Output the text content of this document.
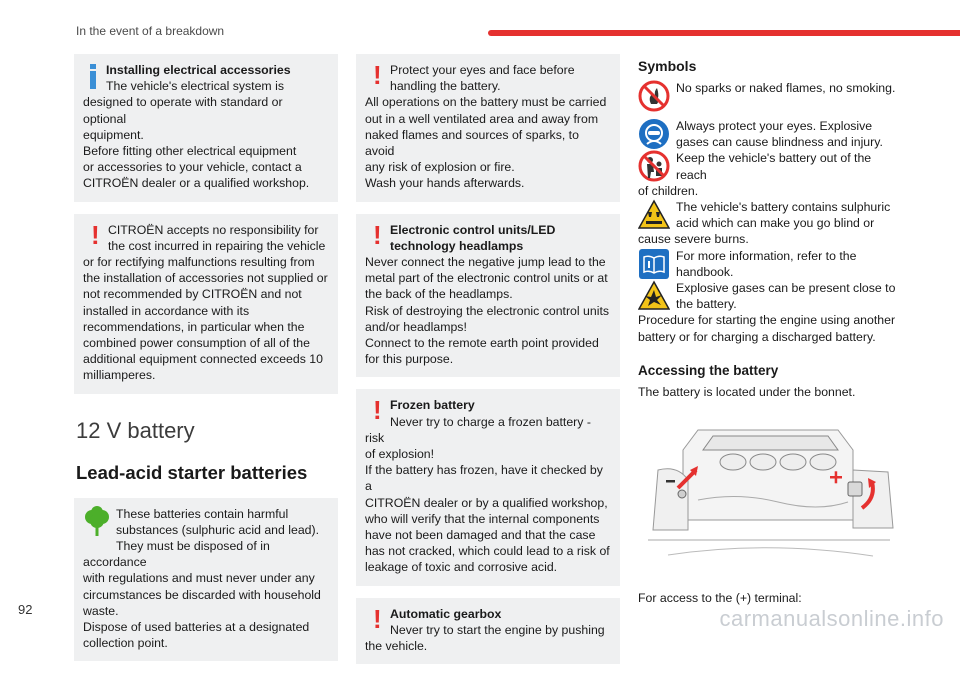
In the event of a breakdown
Installing electrical accessories
The vehicle's electrical system is
designed to operate with standard or optional
equipment.
Before fitting other electrical equipment
or accessories to your vehicle, contact a
CITROËN dealer or a qualified workshop.
!
CITROËN accepts no responsibility for
the cost incurred in repairing the vehicle
or for rectifying malfunctions resulting from
the installation of accessories not supplied or
not recommended by CITROËN and not
installed in accordance with its
recommendations, in particular when the
combined power consumption of all of the
additional equipment connected exceeds 10
milliamperes.
12 V battery
Lead-acid starter batteries
These batteries contain harmful
substances (sulphuric acid and lead).
They must be disposed of in accordance
with regulations and must never under any
circumstances be discarded with household
waste.
Dispose of used batteries at a designated
collection point.
!
Protect your eyes and face before
handling the battery.
All operations on the battery must be carried
out in a well ventilated area and away from
naked flames and sources of sparks, to avoid
any risk of explosion or fire.
Wash your hands afterwards.
!
Electronic control units/LED
technology headlamps
Never connect the negative jump lead to the
metal part of the electronic control units or at
the back of the headlamps.
Risk of destroying the electronic control units
and/or headlamps!
Connect to the remote earth point provided
for this purpose.
!
Frozen battery
Never try to charge a frozen battery - risk
of explosion!
If the battery has frozen, have it checked by a
CITROËN dealer or by a qualified workshop,
who will verify that the internal components
have not been damaged and that the case
has not cracked, which could lead to a risk of
leakage of toxic and corrosive acid.
!
Automatic gearbox
Never try to start the engine by pushing
the vehicle.
Symbols
No sparks or naked flames, no smoking.
Always protect your eyes. Explosive
gases can cause blindness and injury.
Keep the vehicle's battery out of the reach
of children.
The vehicle's battery contains sulphuric
acid which can make you go blind or
cause severe burns.
For more information, refer to the
handbook.
Explosive gases can be present close to
the battery.
Procedure for starting the engine using another
battery or for charging a discharged battery.
Accessing the battery
The battery is located under the bonnet.
For access to the (+) terminal:
92	carmanualsonline.info
